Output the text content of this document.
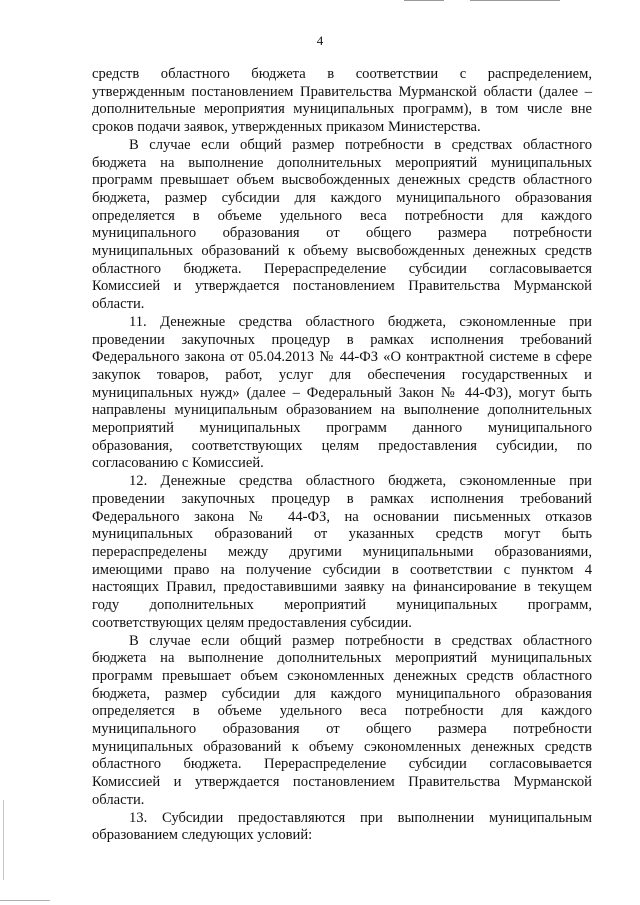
4
средств областного бюджета в соответствии с распределением,
утвержденным постановлением Правительства Мурманской области (далее –
дополнительные мероприятия муниципальных программ), в том числе вне
сроков подачи заявок, утвержденных приказом Министерства.
В случае если общий размер потребности в средствах областного
бюджета на выполнение дополнительных мероприятий муниципальных
программ превышает объем высвобожденных денежных средств областного
бюджета, размер субсидии для каждого муниципального образования
определяется в объеме удельного веса потребности для каждого
муниципального образования от общего размера потребности
муниципальных образований к объему высвобожденных денежных средств
областного бюджета. Перераспределение субсидии согласовывается
Комиссией и утверждается постановлением Правительства Мурманской
области.
11. Денежные средства областного бюджета, сэкономленные при
проведении закупочных процедур в рамках исполнения требований
Федерального закона от 05.04.2013 № 44-ФЗ «О контрактной системе в сфере
закупок товаров, работ, услуг для обеспечения государственных и
муниципальных нужд» (далее – Федеральный Закон № 44-ФЗ), могут быть
направлены муниципальным образованием на выполнение дополнительных
мероприятий муниципальных программ данного муниципального
образования, соответствующих целям предоставления субсидии, по
согласованию с Комиссией.
12. Денежные средства областного бюджета, сэкономленные при
проведении закупочных процедур в рамках исполнения требований
Федерального закона № 44-ФЗ, на основании письменных отказов
муниципальных образований от указанных средств могут быть
перераспределены между другими муниципальными образованиями,
имеющими право на получение субсидии в соответствии с пунктом 4
настоящих Правил, предоставившими заявку на финансирование в текущем
году дополнительных мероприятий муниципальных программ,
соответствующих целям предоставления субсидии.
В случае если общий размер потребности в средствах областного
бюджета на выполнение дополнительных мероприятий муниципальных
программ превышает объем сэкономленных денежных средств областного
бюджета, размер субсидии для каждого муниципального образования
определяется в объеме удельного веса потребности для каждого
муниципального образования от общего размера потребности
муниципальных образований к объему сэкономленных денежных средств
областного бюджета. Перераспределение субсидии согласовывается
Комиссией и утверждается постановлением Правительства Мурманской
области.
13. Субсидии предоставляются при выполнении муниципальным
образованием следующих условий:
